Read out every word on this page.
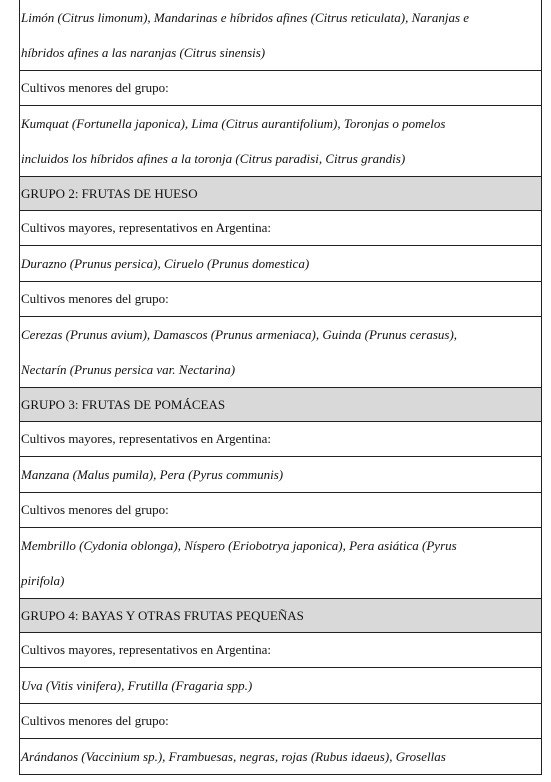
Limón (Citrus limonum), Mandarinas e híbridos afines (Citrus reticulata), Naranjas e
híbridos afines a las naranjas (Citrus sinensis)
Cultivos menores del grupo:
Kumquat (Fortunella japonica), Lima (Citrus aurantifolium), Toronjas o pomelos
incluidos los híbridos afines a la toronja (Citrus paradisi, Citrus grandis)
GRUPO 2: FRUTAS DE HUESO
Cultivos mayores, representativos en Argentina:
Durazno (Prunus persica), Ciruelo (Prunus domestica)
Cultivos menores del grupo:
Cerezas (Prunus avium), Damascos (Prunus armeniaca), Guinda (Prunus cerasus),
Nectarín (Prunus persica var. Nectarina)
GRUPO 3: FRUTAS DE POMÁCEAS
Cultivos mayores, representativos en Argentina:
Manzana (Malus pumila), Pera (Pyrus communis)
Cultivos menores del grupo:
Membrillo (Cydonia oblonga), Níspero (Eriobotrya japonica), Pera asiática (Pyrus
pirifola)
GRUPO 4: BAYAS Y OTRAS FRUTAS PEQUEÑAS
Cultivos mayores, representativos en Argentina:
Uva (Vitis vinifera), Frutilla (Fragaria spp.)
Cultivos menores del grupo:
Arándanos (Vaccinium sp.), Frambuesas, negras, rojas (Rubus idaeus), Grosellas
